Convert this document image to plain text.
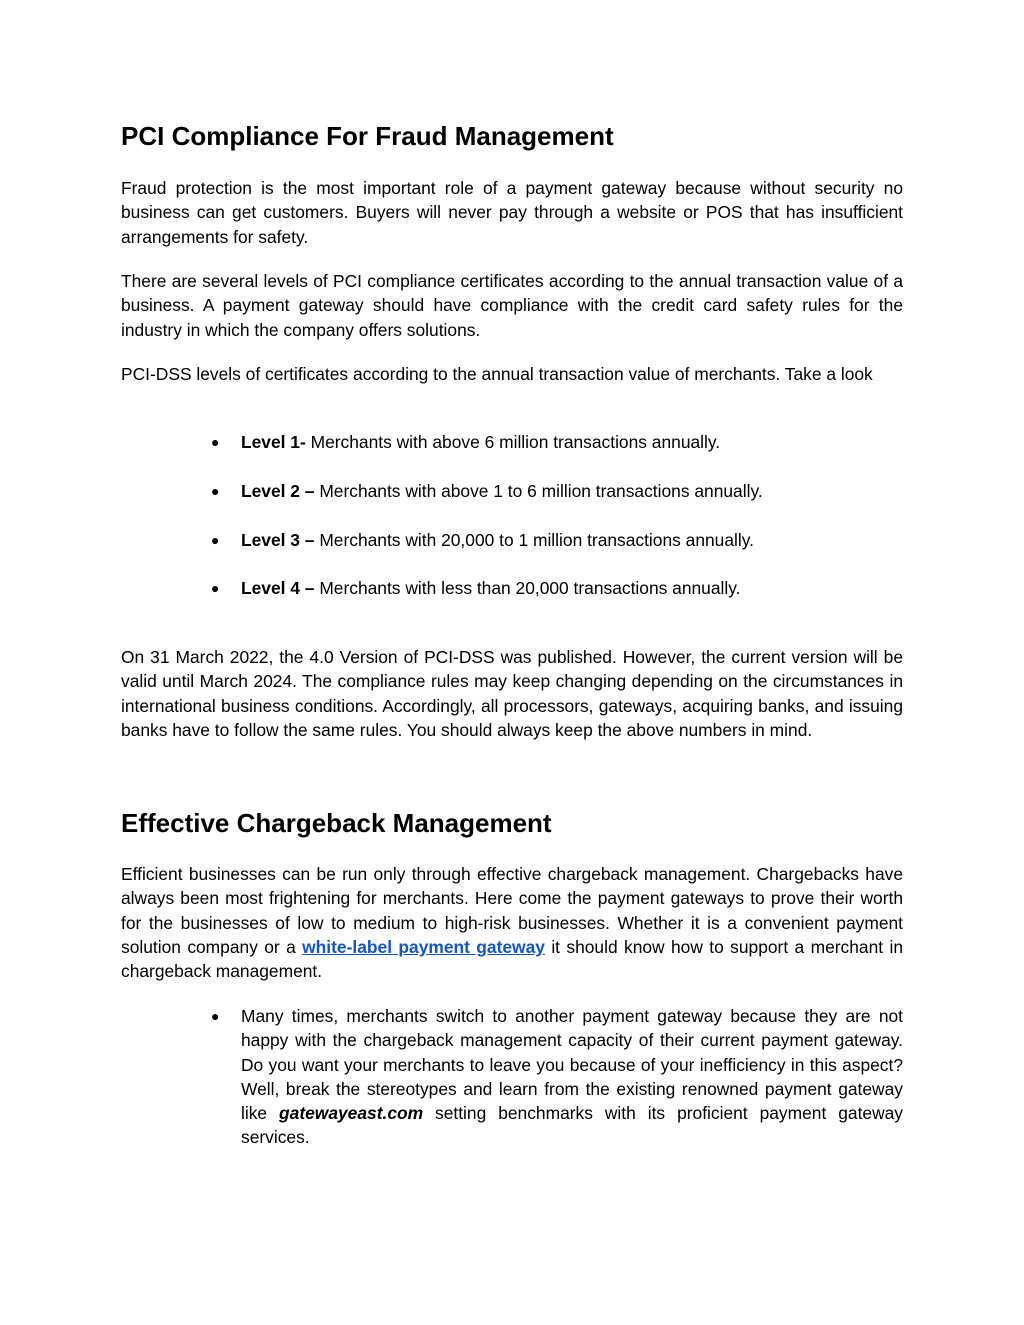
PCI Compliance For Fraud Management

Fraud protection is the most important role of a payment gateway because without security no business can get customers. Buyers will never pay through a website or POS that has insufficient arrangements for safety.

There are several levels of PCI compliance certificates according to the annual transaction value of a business. A payment gateway should have compliance with the credit card safety rules for the industry in which the company offers solutions.

PCI-DSS levels of certificates according to the annual transaction value of merchants. Take a look

● Level 1- Merchants with above 6 million transactions annually.
● Level 2 – Merchants with above 1 to 6 million transactions annually.
● Level 3 – Merchants with 20,000 to 1 million transactions annually.
● Level 4 – Merchants with less than 20,000 transactions annually.

On 31 March 2022, the 4.0 Version of PCI-DSS was published. However, the current version will be valid until March 2024. The compliance rules may keep changing depending on the circumstances in international business conditions. Accordingly, all processors, gateways, acquiring banks, and issuing banks have to follow the same rules. You should always keep the above numbers in mind.

Effective Chargeback Management

Efficient businesses can be run only through effective chargeback management. Chargebacks have always been most frightening for merchants. Here come the payment gateways to prove their worth for the businesses of low to medium to high-risk businesses. Whether it is a convenient payment solution company or a white-label payment gateway it should know how to support a merchant in chargeback management.

● Many times, merchants switch to another payment gateway because they are not happy with the chargeback management capacity of their current payment gateway. Do you want your merchants to leave you because of your inefficiency in this aspect? Well, break the stereotypes and learn from the existing renowned payment gateway like gatewayeast.com setting benchmarks with its proficient payment gateway services.
